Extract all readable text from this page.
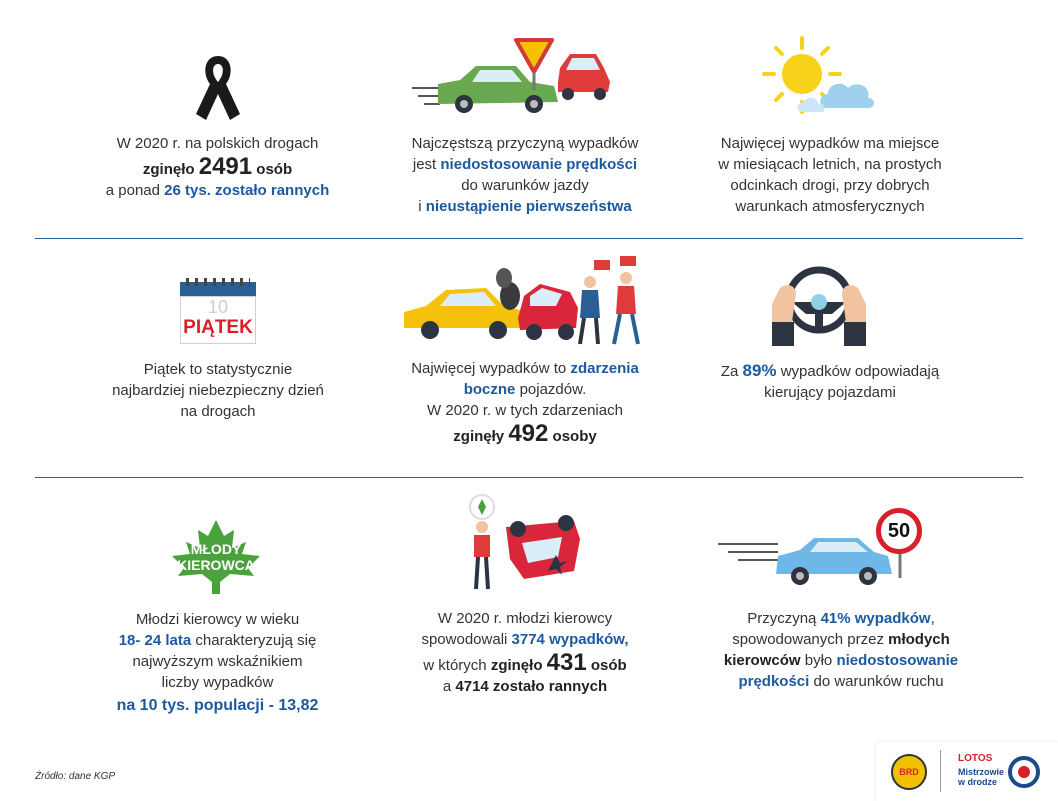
W 2020 r. na polskich drogach
zginęło 2491 osób
a ponad 26 tys. zostało rannych
Najczęstszą przyczyną wypadków
jest niedostosowanie prędkości
do warunków jazdy
i nieustąpienie pierwszeństwa
Najwięcej wypadków ma miejsce
w miesiącach letnich, na prostych
odcinkach drogi, przy dobrych
warunkach atmosferycznych
10
PIĄTEK
Piątek to statystycznie
najbardziej niebezpieczny dzień
na drogach
Najwięcej wypadków to zdarzenia
boczne pojazdów.
W 2020 r. w tych zdarzeniach
zginęły 492 osoby
Za 89% wypadków odpowiadają
kierujący pojazdami
MŁODY
KIEROWCA
Młodzi kierowcy w wieku
18- 24 lata charakteryzują się
najwyższym wskaźnikiem
liczby wypadków
na 10 tys. populacji - 13,82
W 2020 r. młodzi kierowcy
spowodowali 3774 wypadków,
w których zginęło 431 osób
a 4714 zostało rannych
50
Przyczyną 41% wypadków,
spowodowanych przez młodych
kierowców było niedostosowanie
prędkości do warunków ruchu
Źródło: dane KGP	BRD
LOTOS
Mistrzowie
w drodze
